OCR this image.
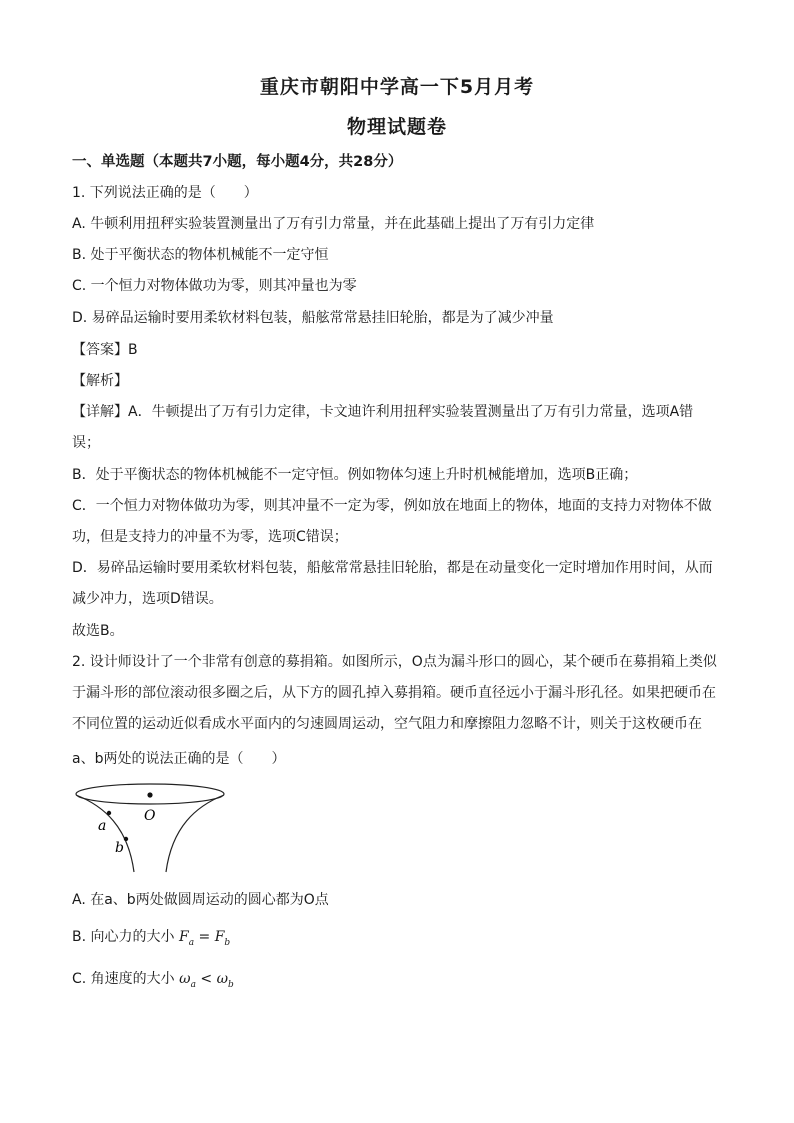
重庆市朝阳中学高一下5月月考
物理试题卷
一、单选题（本题共7小题，每小题4分，共28分）
1. 下列说法正确的是（　　）
A. 牛顿利用扭秤实验装置测量出了万有引力常量，并在此基础上提出了万有引力定律
B. 处于平衡状态的物体机械能不一定守恒
C. 一个恒力对物体做功为零，则其冲量也为零
D. 易碎品运输时要用柔软材料包装，船舷常常悬挂旧轮胎，都是为了减少冲量
【答案】B
【解析】
【详解】A．牛顿提出了万有引力定律，卡文迪许利用扭秤实验装置测量出了万有引力常量，选项A错
误；
B．处于平衡状态的物体机械能不一定守恒。例如物体匀速上升时机械能增加，选项B正确；
C．一个恒力对物体做功为零，则其冲量不一定为零，例如放在地面上的物体，地面的支持力对物体不做
功，但是支持力的冲量不为零，选项C错误；
D．易碎品运输时要用柔软材料包装，船舷常常悬挂旧轮胎，都是在动量变化一定时增加作用时间，从而
减少冲力，选项D错误。
故选B。
2. 设计师设计了一个非常有创意的募捐箱。如图所示，O点为漏斗形口的圆心，某个硬币在募捐箱上类似
于漏斗形的部位滚动很多圈之后，从下方的圆孔掉入募捐箱。硬币直径远小于漏斗形孔径。如果把硬币在
不同位置的运动近似看成水平面内的匀速圆周运动，空气阻力和摩擦阻力忽略不计，则关于这枚硬币在
a、b两处的说法正确的是（　　）
O
a
b
A. 在a、b两处做圆周运动的圆心都为O点
B. 向心力的大小 $F_a = F_b$
C. 角速度的大小 $\omega_a < \omega_b$
